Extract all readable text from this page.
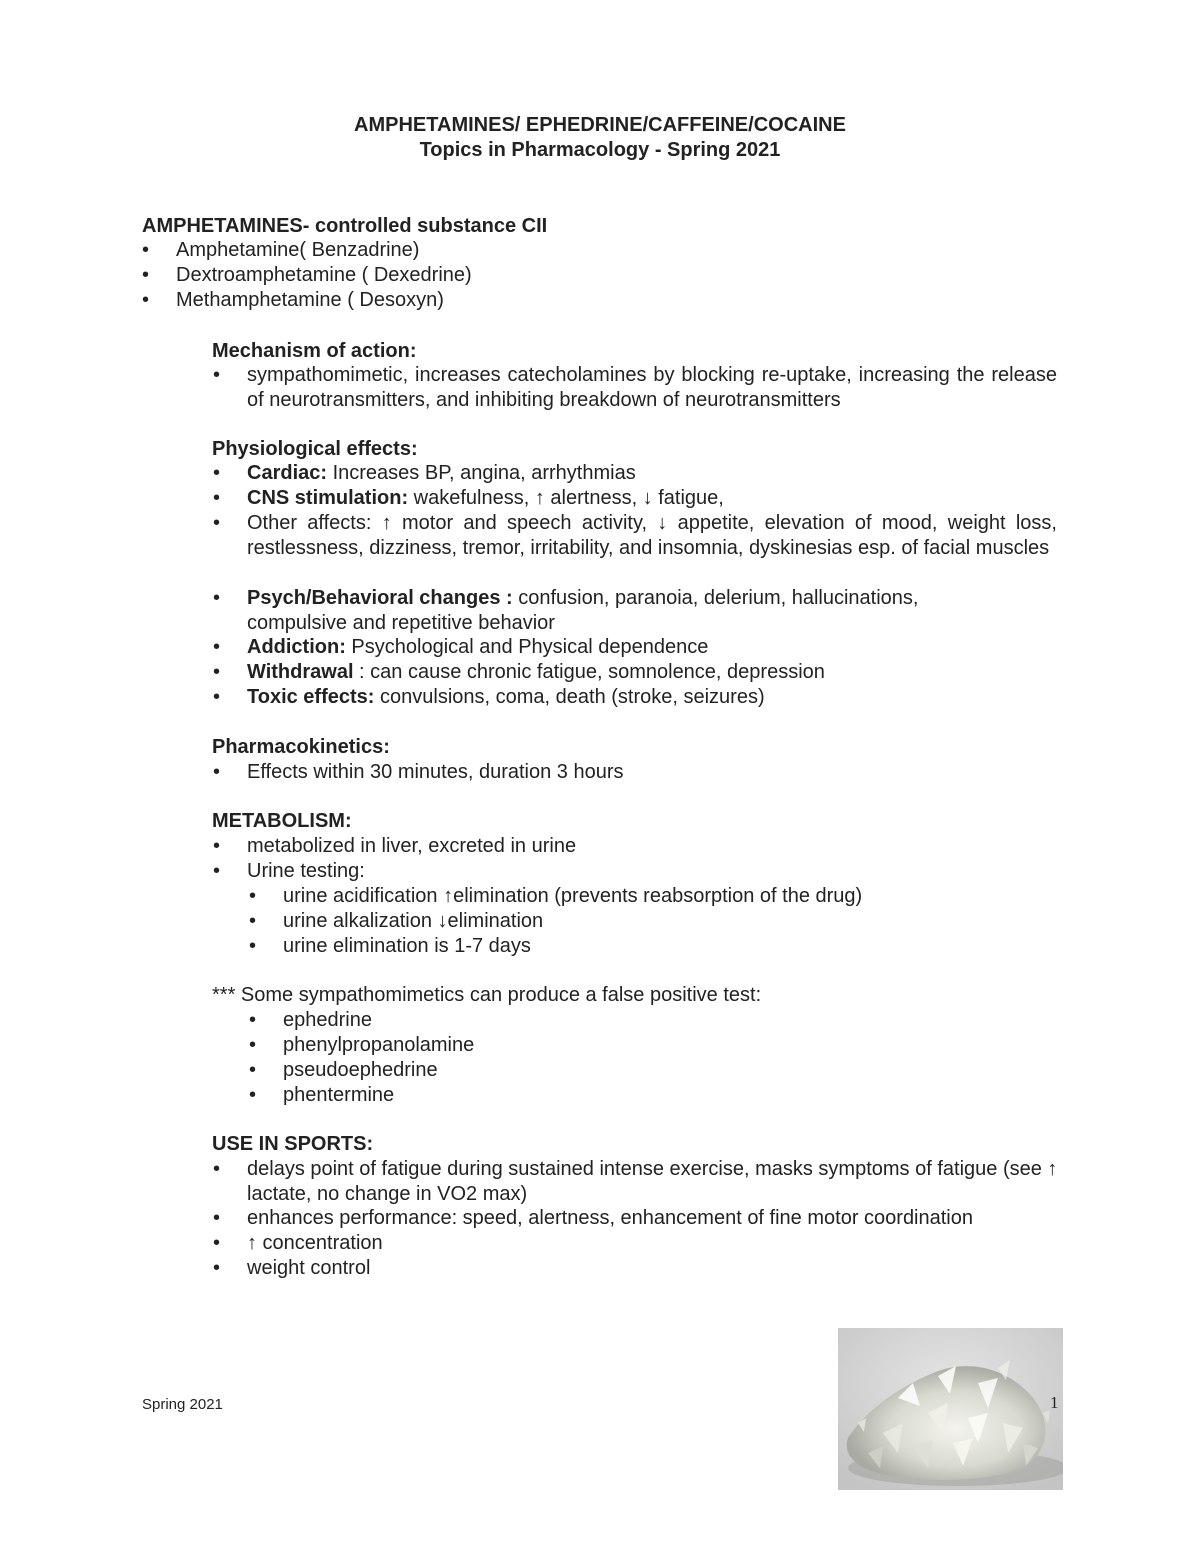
AMPHETAMINES/ EPHEDRINE/CAFFEINE/COCAINE
Topics in Pharmacology - Spring 2021
AMPHETAMINES- controlled substance CII
• Amphetamine( Benzadrine)
• Dextroamphetamine ( Dexedrine)
• Methamphetamine ( Desoxyn)
Mechanism of action:
• sympathomimetic, increases catecholamines by blocking re-uptake, increasing the release of neurotransmitters, and inhibiting breakdown of neurotransmitters
Physiological effects:
• Cardiac: Increases BP, angina, arrhythmias
• CNS stimulation: wakefulness, ↑ alertness, ↓ fatigue,
• Other affects: ↑ motor and speech activity, ↓ appetite, elevation of mood, weight loss, restlessness, dizziness, tremor, irritability, and insomnia, dyskinesias esp. of facial muscles
• Psych/Behavioral changes : confusion, paranoia, delerium, hallucinations, compulsive and repetitive behavior
• Addiction: Psychological and Physical dependence
• Withdrawal : can cause chronic fatigue, somnolence, depression
• Toxic effects: convulsions, coma, death (stroke, seizures)
Pharmacokinetics:
• Effects within 30 minutes, duration 3 hours
METABOLISM:
• metabolized in liver, excreted in urine
• Urine testing:
• urine acidification ↑elimination (prevents reabsorption of the drug)
• urine alkalization ↓elimination
• urine elimination is 1-7 days
*** Some sympathomimetics can produce a false positive test:
• ephedrine
• phenylpropanolamine
• pseudoephedrine
• phentermine
USE IN SPORTS:
• delays point of fatigue during sustained intense exercise, masks symptoms of fatigue (see ↑ lactate, no change in VO2 max)
• enhances performance: speed, alertness, enhancement of fine motor coordination
• ↑ concentration
• weight control
Spring 2021	1
